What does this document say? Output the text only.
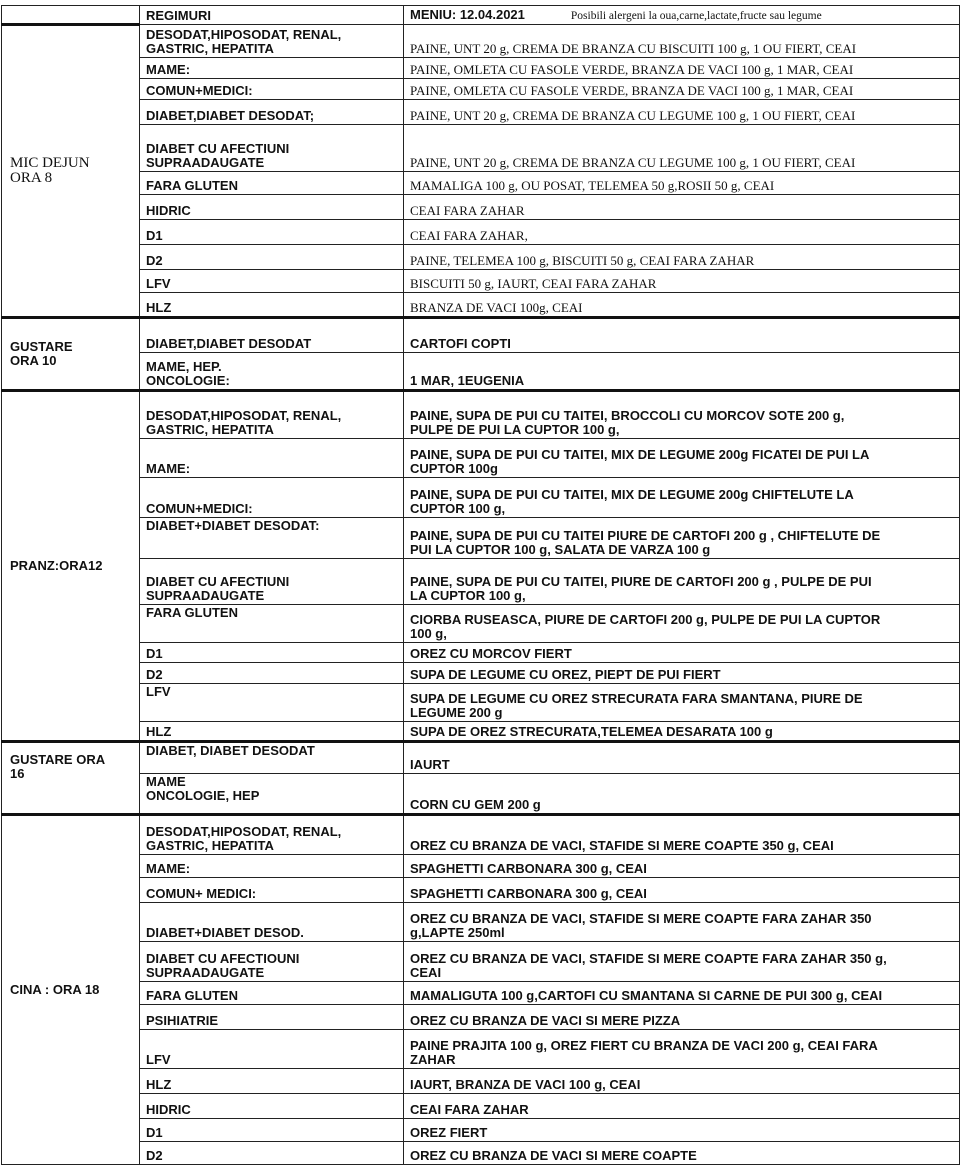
	REGIMURI	MENIU: 12.04.2021 Posibili alergeni la oua,carne,lactate,fructe sau legume
MIC DEJUN
ORA 8	DESODAT,HIPOSODAT, RENAL,
GASTRIC, HEPATITA	PAINE, UNT 20 g, CREMA DE BRANZA CU BISCUITI 100 g, 1 OU FIERT, CEAI
	MAME:	PAINE, OMLETA CU FASOLE VERDE, BRANZA DE VACI 100 g, 1 MAR, CEAI
	COMUN+MEDICI:	PAINE, OMLETA CU FASOLE VERDE, BRANZA DE VACI 100 g, 1 MAR, CEAI
	DIABET,DIABET DESODAT;	PAINE, UNT 20 g, CREMA DE BRANZA CU LEGUME 100 g, 1 OU FIERT, CEAI
	DIABET CU AFECTIUNI
SUPRAADAUGATE	PAINE, UNT 20 g, CREMA DE BRANZA CU LEGUME 100 g, 1 OU FIERT, CEAI
	FARA GLUTEN	MAMALIGA 100 g, OU POSAT, TELEMEA 50 g,ROSII 50 g, CEAI
	HIDRIC	CEAI FARA ZAHAR
	D1	CEAI FARA ZAHAR,
	D2	PAINE, TELEMEA 100 g, BISCUITI 50 g, CEAI FARA ZAHAR
	LFV	BISCUITI 50 g, IAURT, CEAI FARA ZAHAR
	HLZ	BRANZA DE VACI 100g, CEAI
GUSTARE
ORA 10	DIABET,DIABET DESODAT	CARTOFI COPTI
	MAME, HEP.
ONCOLOGIE:	1 MAR, 1EUGENIA
PRANZ:ORA12	DESODAT,HIPOSODAT, RENAL,
GASTRIC, HEPATITA	PAINE, SUPA DE PUI CU TAITEI, BROCCOLI CU MORCOV SOTE 200 g,
PULPE DE PUI LA CUPTOR 100 g,
	MAME:	PAINE, SUPA DE PUI CU TAITEI, MIX DE LEGUME 200g FICATEI DE PUI LA
CUPTOR 100g
	COMUN+MEDICI:	PAINE, SUPA DE PUI CU TAITEI, MIX DE LEGUME 200g CHIFTELUTE LA
CUPTOR 100 g,
	DIABET+DIABET DESODAT:	PAINE, SUPA DE PUI CU TAITEI PIURE DE CARTOFI 200 g , CHIFTELUTE DE
PUI LA CUPTOR 100 g, SALATA DE VARZA 100 g
	DIABET CU AFECTIUNI
SUPRAADAUGATE	PAINE, SUPA DE PUI CU TAITEI, PIURE DE CARTOFI 200 g , PULPE DE PUI
LA CUPTOR 100 g,
	FARA GLUTEN	CIORBA RUSEASCA, PIURE DE CARTOFI 200 g, PULPE DE PUI LA CUPTOR
100 g,
	D1	OREZ CU MORCOV FIERT
	D2	SUPA DE LEGUME CU OREZ, PIEPT DE PUI FIERT
	LFV	SUPA DE LEGUME CU OREZ STRECURATA FARA SMANTANA, PIURE DE
LEGUME 200 g
	HLZ	SUPA DE OREZ STRECURATA,TELEMEA DESARATA 100 g
GUSTARE ORA
16	DIABET, DIABET DESODAT	IAURT
	MAME
ONCOLOGIE, HEP	CORN CU GEM 200 g
CINA : ORA 18	DESODAT,HIPOSODAT, RENAL,
GASTRIC, HEPATITA	OREZ CU BRANZA DE VACI, STAFIDE SI MERE COAPTE 350 g, CEAI
	MAME:	SPAGHETTI CARBONARA 300 g, CEAI
	COMUN+ MEDICI:	SPAGHETTI CARBONARA 300 g, CEAI
	DIABET+DIABET DESOD.	OREZ CU BRANZA DE VACI, STAFIDE SI MERE COAPTE FARA ZAHAR 350
g,LAPTE 250ml
	DIABET CU AFECTIOUNI
SUPRAADAUGATE	OREZ CU BRANZA DE VACI, STAFIDE SI MERE COAPTE FARA ZAHAR 350 g,
CEAI
	FARA GLUTEN	MAMALIGUTA 100 g,CARTOFI CU SMANTANA SI CARNE DE PUI 300 g, CEAI
	PSIHIATRIE	OREZ CU BRANZA DE VACI SI MERE PIZZA
	LFV	PAINE PRAJITA 100 g, OREZ FIERT CU BRANZA DE VACI 200 g, CEAI FARA
ZAHAR
	HLZ	IAURT, BRANZA DE VACI 100 g, CEAI
	HIDRIC	CEAI FARA ZAHAR
	D1	OREZ FIERT
	D2	OREZ CU BRANZA DE VACI SI MERE COAPTE
